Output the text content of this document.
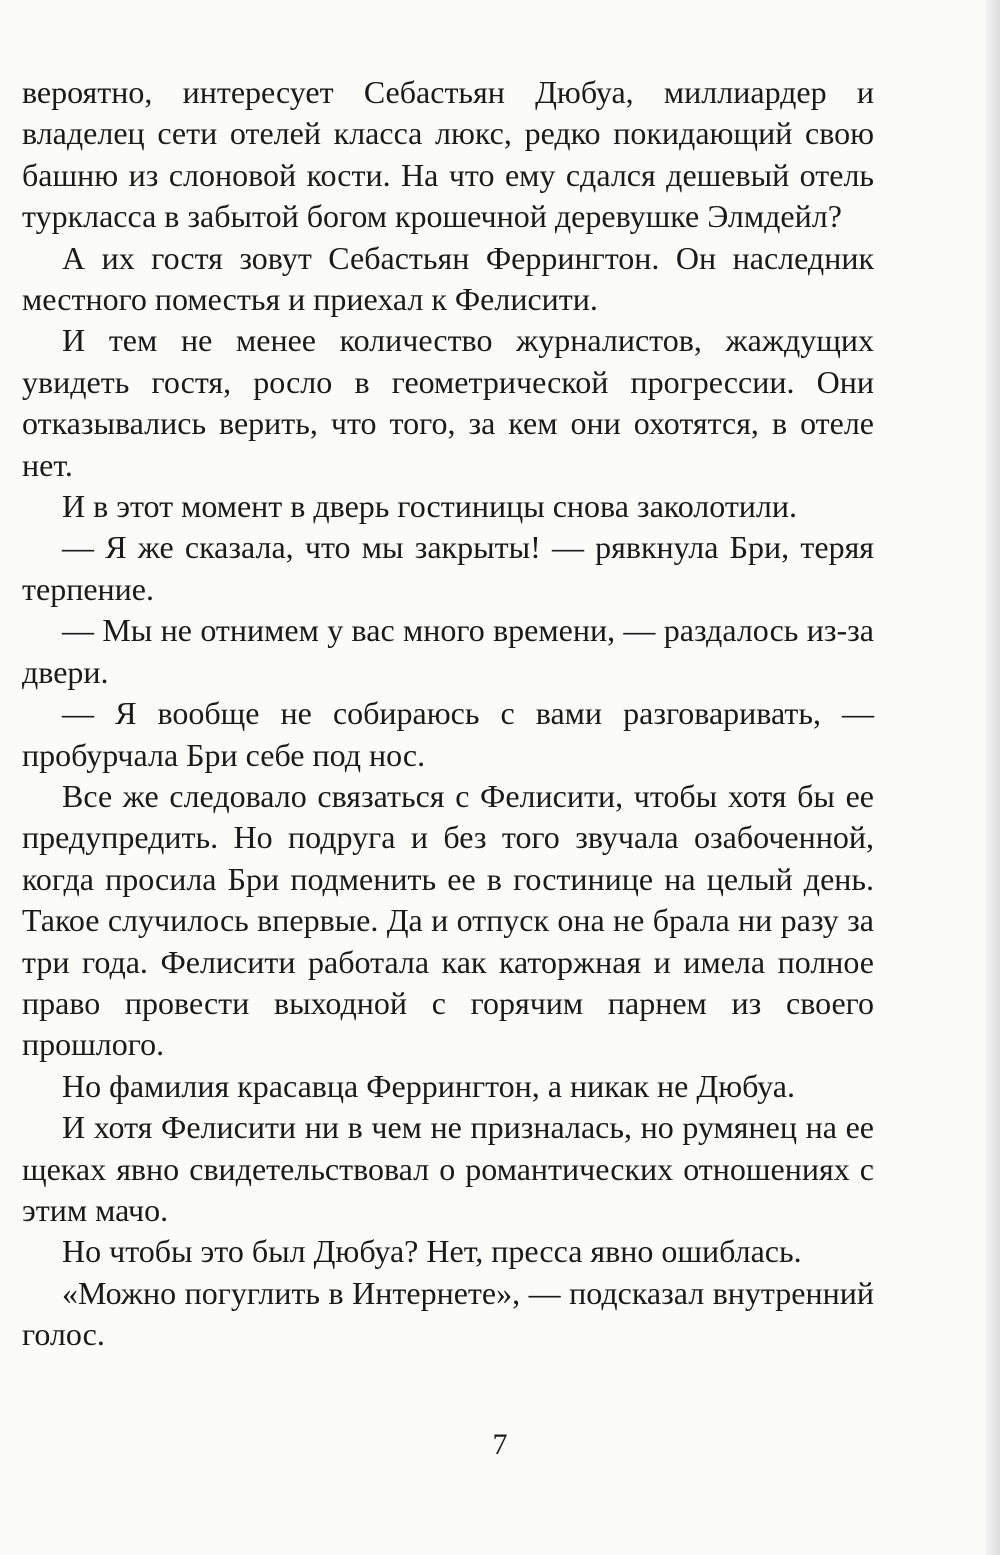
вероятно, интересует Себастьян Дюбуа, миллиардер и владелец сети отелей класса люкс, редко покидающий свою башню из слоновой кости. На что ему сдался дешевый отель туркласса в забытой богом крошечной деревушке Элмдейл?

А их гостя зовут Себастьян Феррингтон. Он наследник местного поместья и приехал к Фелисити.

И тем не менее количество журналистов, жаждущих увидеть гостя, росло в геометрической прогрессии. Они отказывались верить, что того, за кем они охотятся, в отеле нет.

И в этот момент в дверь гостиницы снова заколотили.

— Я же сказала, что мы закрыты! — рявкнула Бри, теряя терпение.

— Мы не отнимем у вас много времени, — раздалось из-за двери.

— Я вообще не собираюсь с вами разговаривать, — пробурчала Бри себе под нос.

Все же следовало связаться с Фелисити, чтобы хотя бы ее предупредить. Но подруга и без того звучала озабоченной, когда просила Бри подменить ее в гостинице на целый день. Такое случилось впервые. Да и отпуск она не брала ни разу за три года. Фелисити работала как каторжная и имела полное право провести выходной с горячим парнем из своего прошлого.

Но фамилия красавца Феррингтон, а никак не Дюбуа.

И хотя Фелисити ни в чем не призналась, но румянец на ее щеках явно свидетельствовал о романтических отношениях с этим мачо.

Но чтобы это был Дюбуа? Нет, пресса явно ошиблась.

«Можно погуглить в Интернете», — подсказал внутренний голос.

7
